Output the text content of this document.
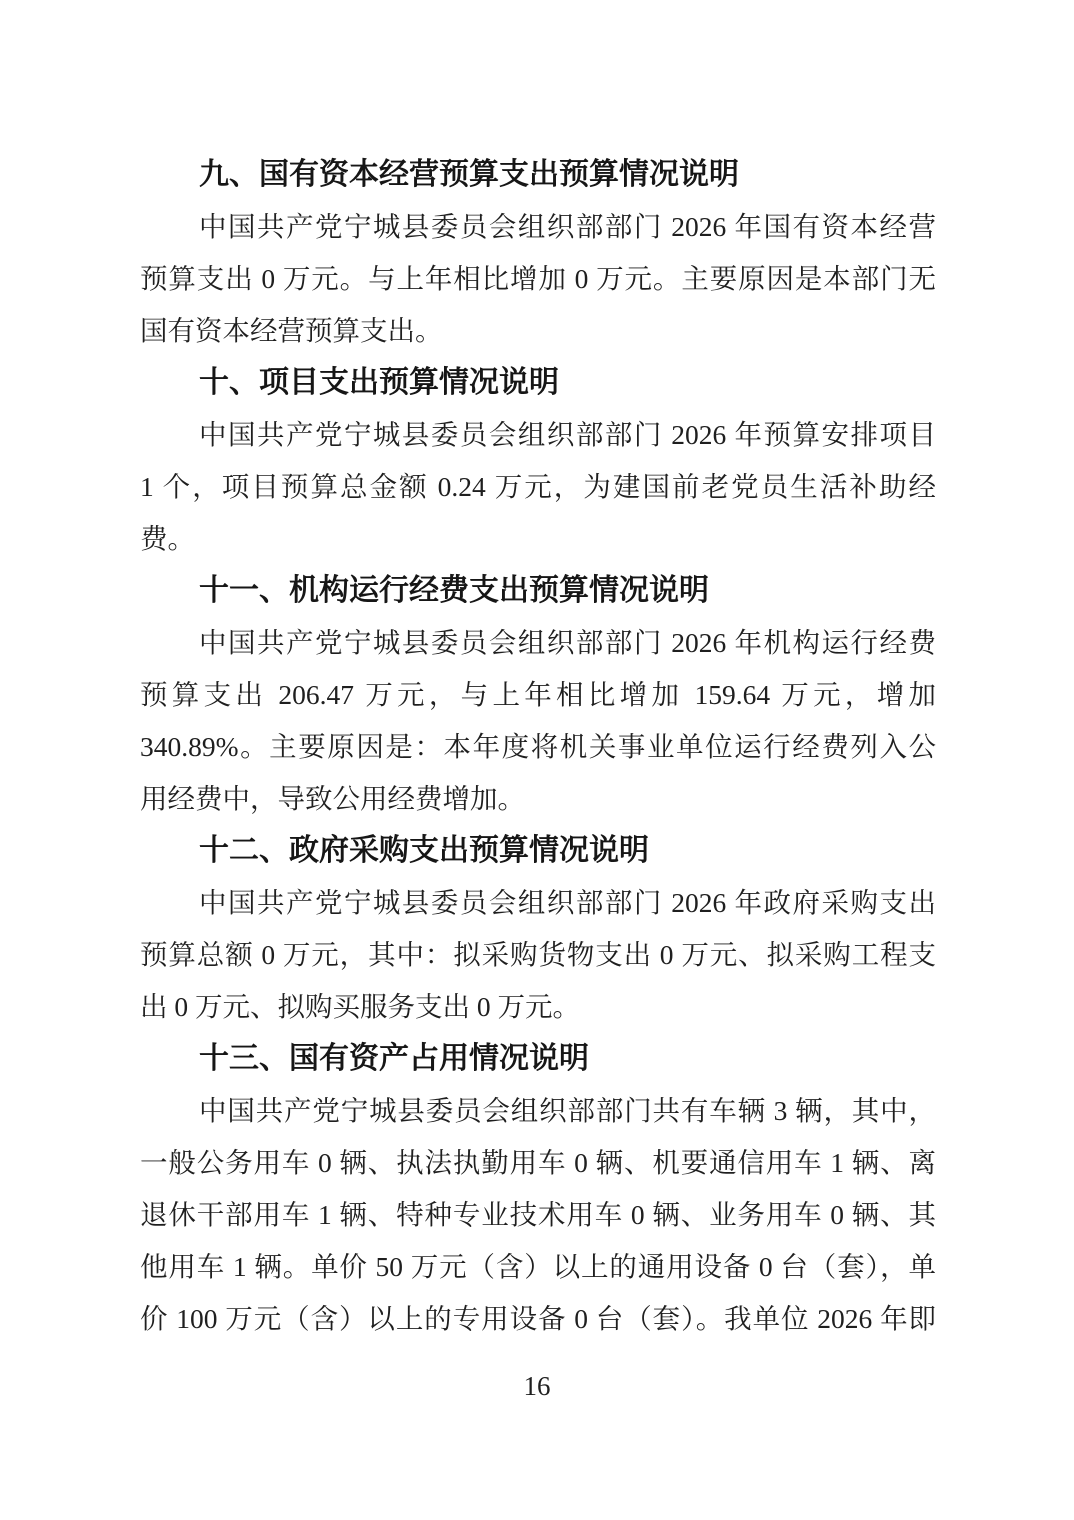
九、国有资本经营预算支出预算情况说明

中国共产党宁城县委员会组织部部门 2026 年国有资本经营

预算支出 0 万元。与上年相比增加 0 万元。主要原因是本部门无

国有资本经营预算支出。

十、项目支出预算情况说明

中国共产党宁城县委员会组织部部门 2026 年预算安排项目

1 个，项目预算总金额 0.24 万元，为建国前老党员生活补助经

费。

十一、机构运行经费支出预算情况说明

中国共产党宁城县委员会组织部部门 2026 年机构运行经费

预算支出 206.47 万元，与上年相比增加 159.64 万元，增加

340.89%。主要原因是：本年度将机关事业单位运行经费列入公

用经费中，导致公用经费增加。

十二、政府采购支出预算情况说明

中国共产党宁城县委员会组织部部门 2026 年政府采购支出

预算总额 0 万元，其中：拟采购货物支出 0 万元、拟采购工程支

出 0 万元、拟购买服务支出 0 万元。

十三、国有资产占用情况说明

中国共产党宁城县委员会组织部部门共有车辆 3 辆，其中，

一般公务用车 0 辆、执法执勤用车 0 辆、机要通信用车 1 辆、离

退休干部用车 1 辆、特种专业技术用车 0 辆、业务用车 0 辆、其

他用车 1 辆。单价 50 万元（含）以上的通用设备 0 台（套），单

价 100 万元（含）以上的专用设备 0 台（套）。我单位 2026 年即

16
